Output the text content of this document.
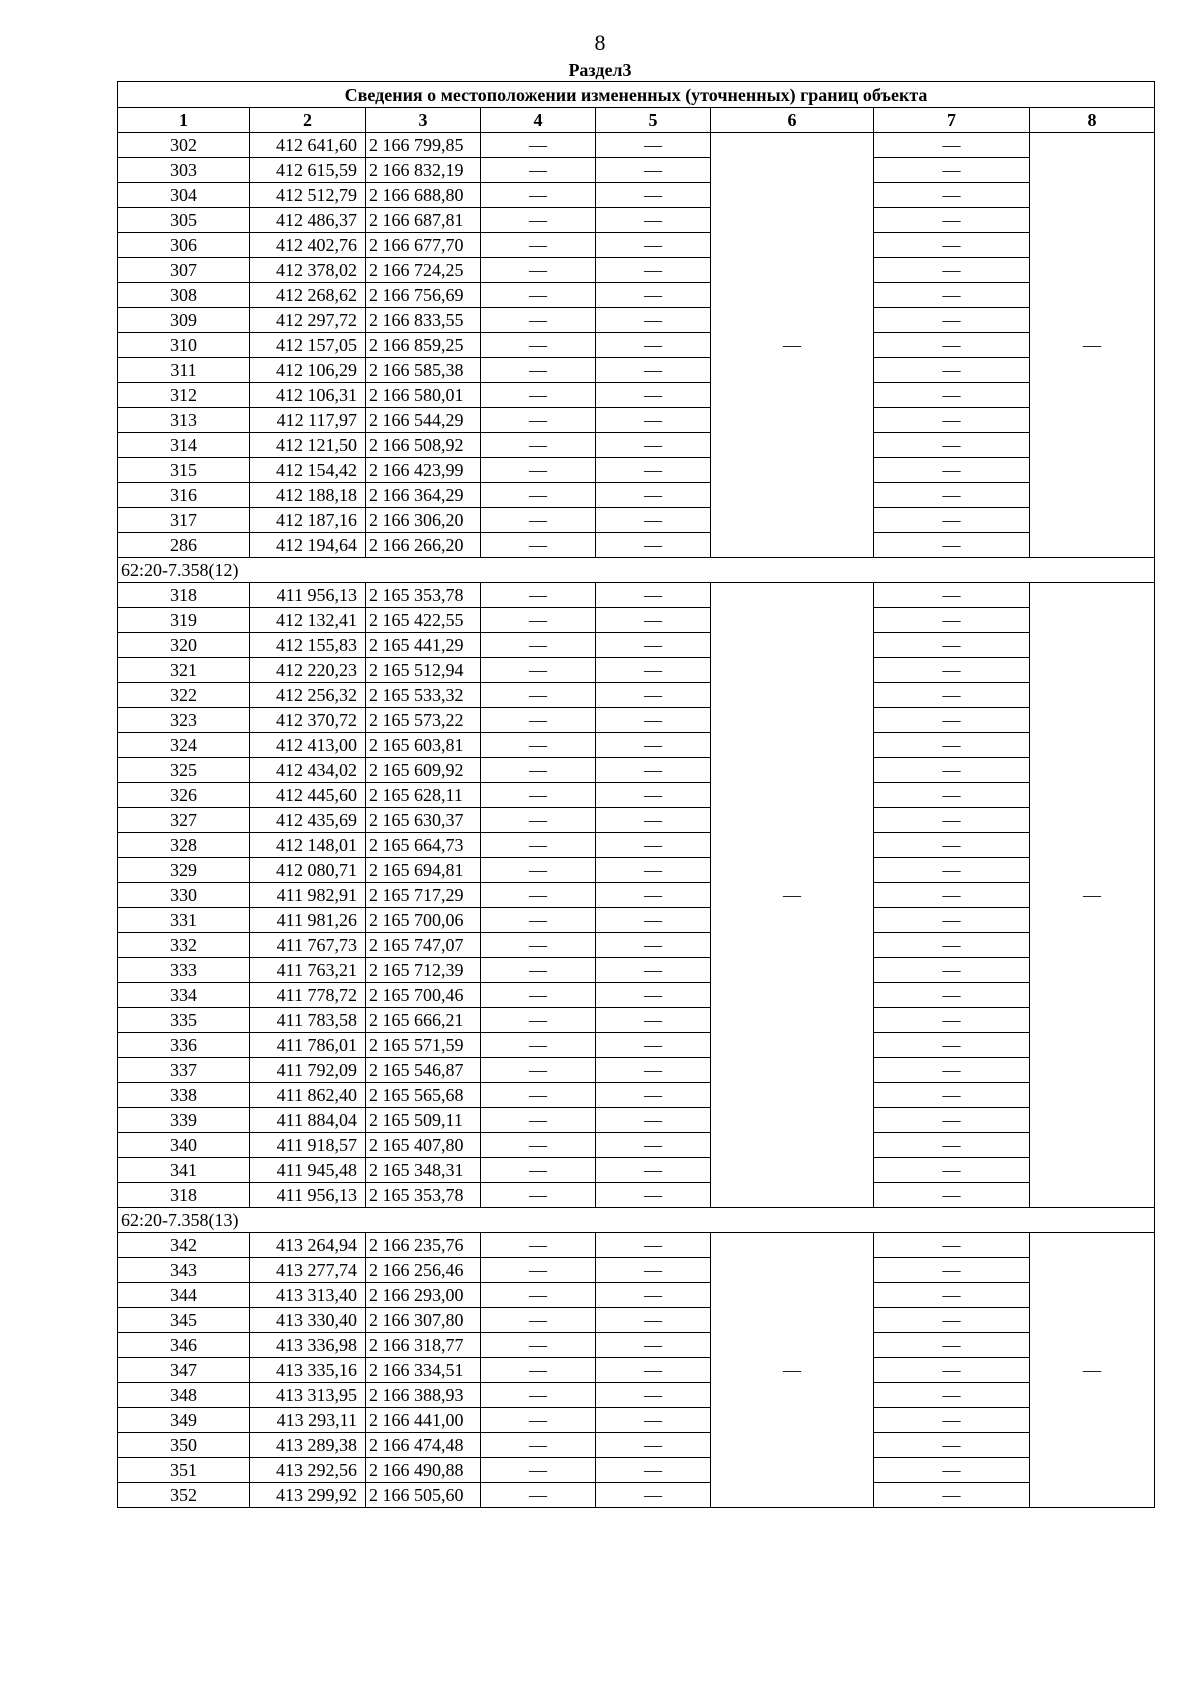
8
Раздел3
Сведения о местоположении измененных (уточненных) границ объекта							
1	2	3	4	5	6	7	8
302	412 641,60	2 166 799,85	—	—	—	—	—
303	412 615,59	2 166 832,19	—	—		—	
304	412 512,79	2 166 688,80	—	—		—	
305	412 486,37	2 166 687,81	—	—		—	
306	412 402,76	2 166 677,70	—	—		—	
307	412 378,02	2 166 724,25	—	—		—	
308	412 268,62	2 166 756,69	—	—		—	
309	412 297,72	2 166 833,55	—	—		—	
310	412 157,05	2 166 859,25	—	—		—	
311	412 106,29	2 166 585,38	—	—		—	
312	412 106,31	2 166 580,01	—	—		—	
313	412 117,97	2 166 544,29	—	—		—	
314	412 121,50	2 166 508,92	—	—		—	
315	412 154,42	2 166 423,99	—	—		—	
316	412 188,18	2 166 364,29	—	—		—	
317	412 187,16	2 166 306,20	—	—		—	
286	412 194,64	2 166 266,20	—	—		—	
62:20-7.358(12)							
318	411 956,13	2 165 353,78	—	—	—	—	—
319	412 132,41	2 165 422,55	—	—		—	
320	412 155,83	2 165 441,29	—	—		—	
321	412 220,23	2 165 512,94	—	—		—	
322	412 256,32	2 165 533,32	—	—		—	
323	412 370,72	2 165 573,22	—	—		—	
324	412 413,00	2 165 603,81	—	—		—	
325	412 434,02	2 165 609,92	—	—		—	
326	412 445,60	2 165 628,11	—	—		—	
327	412 435,69	2 165 630,37	—	—		—	
328	412 148,01	2 165 664,73	—	—		—	
329	412 080,71	2 165 694,81	—	—		—	
330	411 982,91	2 165 717,29	—	—		—	
331	411 981,26	2 165 700,06	—	—		—	
332	411 767,73	2 165 747,07	—	—		—	
333	411 763,21	2 165 712,39	—	—		—	
334	411 778,72	2 165 700,46	—	—		—	
335	411 783,58	2 165 666,21	—	—		—	
336	411 786,01	2 165 571,59	—	—		—	
337	411 792,09	2 165 546,87	—	—		—	
338	411 862,40	2 165 565,68	—	—		—	
339	411 884,04	2 165 509,11	—	—		—	
340	411 918,57	2 165 407,80	—	—		—	
341	411 945,48	2 165 348,31	—	—		—	
318	411 956,13	2 165 353,78	—	—		—	
62:20-7.358(13)							
342	413 264,94	2 166 235,76	—	—	—	—	—
343	413 277,74	2 166 256,46	—	—		—	
344	413 313,40	2 166 293,00	—	—		—	
345	413 330,40	2 166 307,80	—	—		—	
346	413 336,98	2 166 318,77	—	—		—	
347	413 335,16	2 166 334,51	—	—		—	
348	413 313,95	2 166 388,93	—	—		—	
349	413 293,11	2 166 441,00	—	—		—	
350	413 289,38	2 166 474,48	—	—		—	
351	413 292,56	2 166 490,88	—	—		—	
352	413 299,92	2 166 505,60	—	—		—	
